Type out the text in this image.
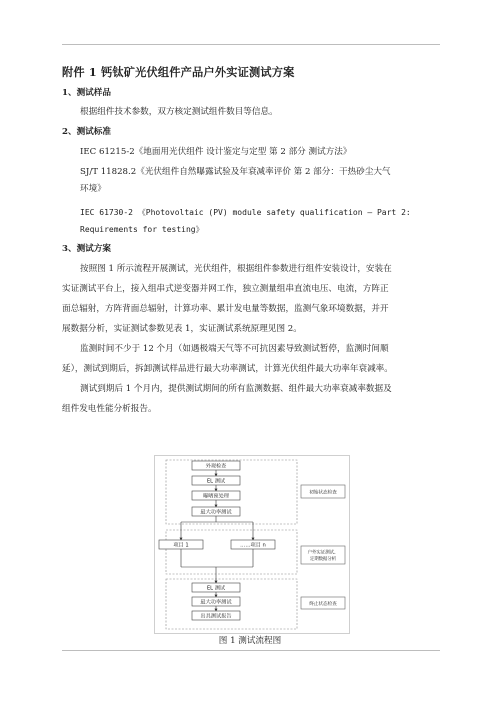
附件 1 钙钛矿光伏组件产品户外实证测试方案
1、测试样品
根据组件技术参数，双方核定测试组件数目等信息。
2、测试标准
IEC 61215-2《地面用光伏组件 设计鉴定与定型 第 2 部分 测试方法》
SJ/T 11828.2《光伏组件自然曝露试验及年衰减率评价 第 2 部分：干热砂尘大气
环境》
IEC 61730-2 《Photovoltaic (PV) module safety qualification – Part 2:
Requirements for testing》
3、测试方案
按照图 1 所示流程开展测试，光伏组件，根据组件参数进行组件安装设计，安装在
实证测试平台上，接入组串式逆变器并网工作，独立测量组串直流电压、电流，方阵正
面总辐射，方阵背面总辐射，计算功率、累计发电量等数据，监测气象环境数据，并开
展数据分析，实证测试参数见表 1，实证测试系统原理见图 2。
监测时间不少于 12 个月（如遇极端天气等不可抗因素导致测试暂停，监测时间顺
延），测试到期后，拆卸测试样品进行最大功率测试，计算光伏组件最大功率年衰减率。
测试到期后 1 个月内，提供测试期间的所有监测数据、组件最大功率衰减率数据及
组件发电性能分析报告。
初始状态检查
户外实证测试、
定期数据分析
终止状态检查
外观检查
EL 测试
曝晒预处理
最大功率测试
项目 1	……项目 n
EL 测试
最大功率测试
出具测试报告
图 1 测试流程图
